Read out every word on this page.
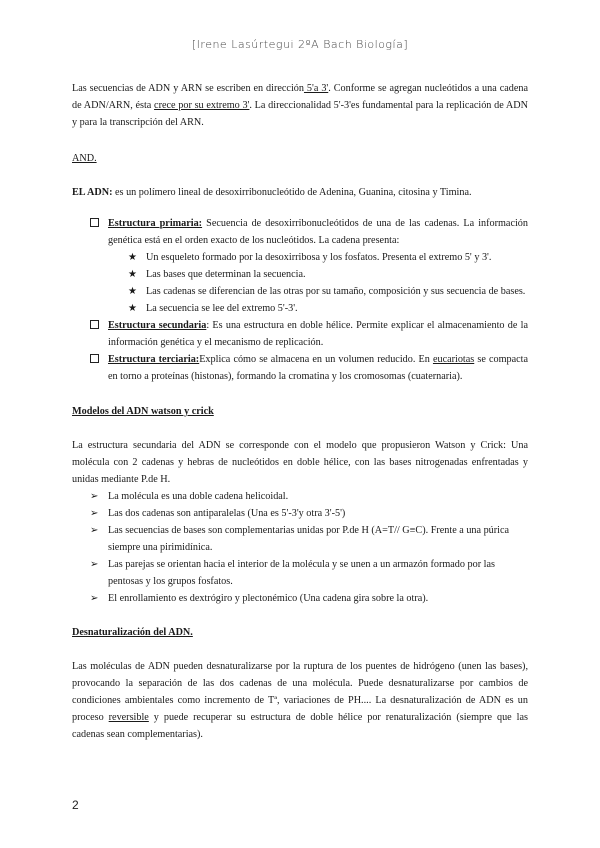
[Irene Lasúrtegui 2ºA Bach Biología]

Las secuencias de ADN y ARN se escriben en dirección 5'a 3'. Conforme se agregan nucleótidos a una cadena de ADN/ARN, ésta crece por su extremo 3'. La direccionalidad 5'-3'es fundamental para la replicación de ADN y para la transcripción del ARN.

AND.

EL ADN: es un polímero lineal de desoxirribonucleótido de Adenina, Guanina, citosina y Timina.

Estructura primaria: Secuencia de desoxirribonucleótidos de una de las cadenas. La información genética está en el orden exacto de los nucleótidos. La cadena presenta:
★ Un esqueleto formado por la desoxirribosa y los fosfatos. Presenta el extremo 5' y 3'.
★ Las bases que determinan la secuencia.
★ Las cadenas se diferencian de las otras por su tamaño, composición y sus secuencia de bases.
★ La secuencia se lee del extremo 5'-3'.
Estructura secundaria: Es una estructura en doble hélice. Permite explicar el almacenamiento de la información genética y el mecanismo de replicación.
Estructura terciaria:Explica cómo se almacena en un volumen reducido. En eucariotas se compacta en torno a proteínas (histonas), formando la cromatina y los cromosomas (cuaternaria).

Modelos del ADN watson y crick

La estructura secundaria del ADN se corresponde con el modelo que propusieron Watson y Crick: Una molécula con 2 cadenas y hebras de nucleótidos en doble hélice, con las bases nitrogenadas enfrentadas y unidas mediante P.de H.

➢ La molécula es una doble cadena helicoidal.
➢ Las dos cadenas son antiparalelas (Una es 5'-3'y otra 3'-5')
➢ Las secuencias de bases son complementarias unidas por P.de H (A=T// G≡C). Frente a una púrica siempre una pirimidínica.
➢ Las parejas se orientan hacia el interior de la molécula y se unen a un armazón formado por las pentosas y los grupos fosfatos.
➢ El enrollamiento es dextrógiro y plectonémico (Una cadena gira sobre la otra).

Desnaturalización del ADN.

Las moléculas de ADN pueden desnaturalizarse por la ruptura de los puentes de hidrógeno (unen las bases), provocando la separación de las dos cadenas de una molécula. Puede desnaturalizarse por cambios de condiciones ambientales como incremento de Tª, variaciones de PH.... La desnaturalización de ADN es un proceso reversible y puede recuperar su estructura de doble hélice por renaturalización (siempre que las cadenas sean complementarias).

2
